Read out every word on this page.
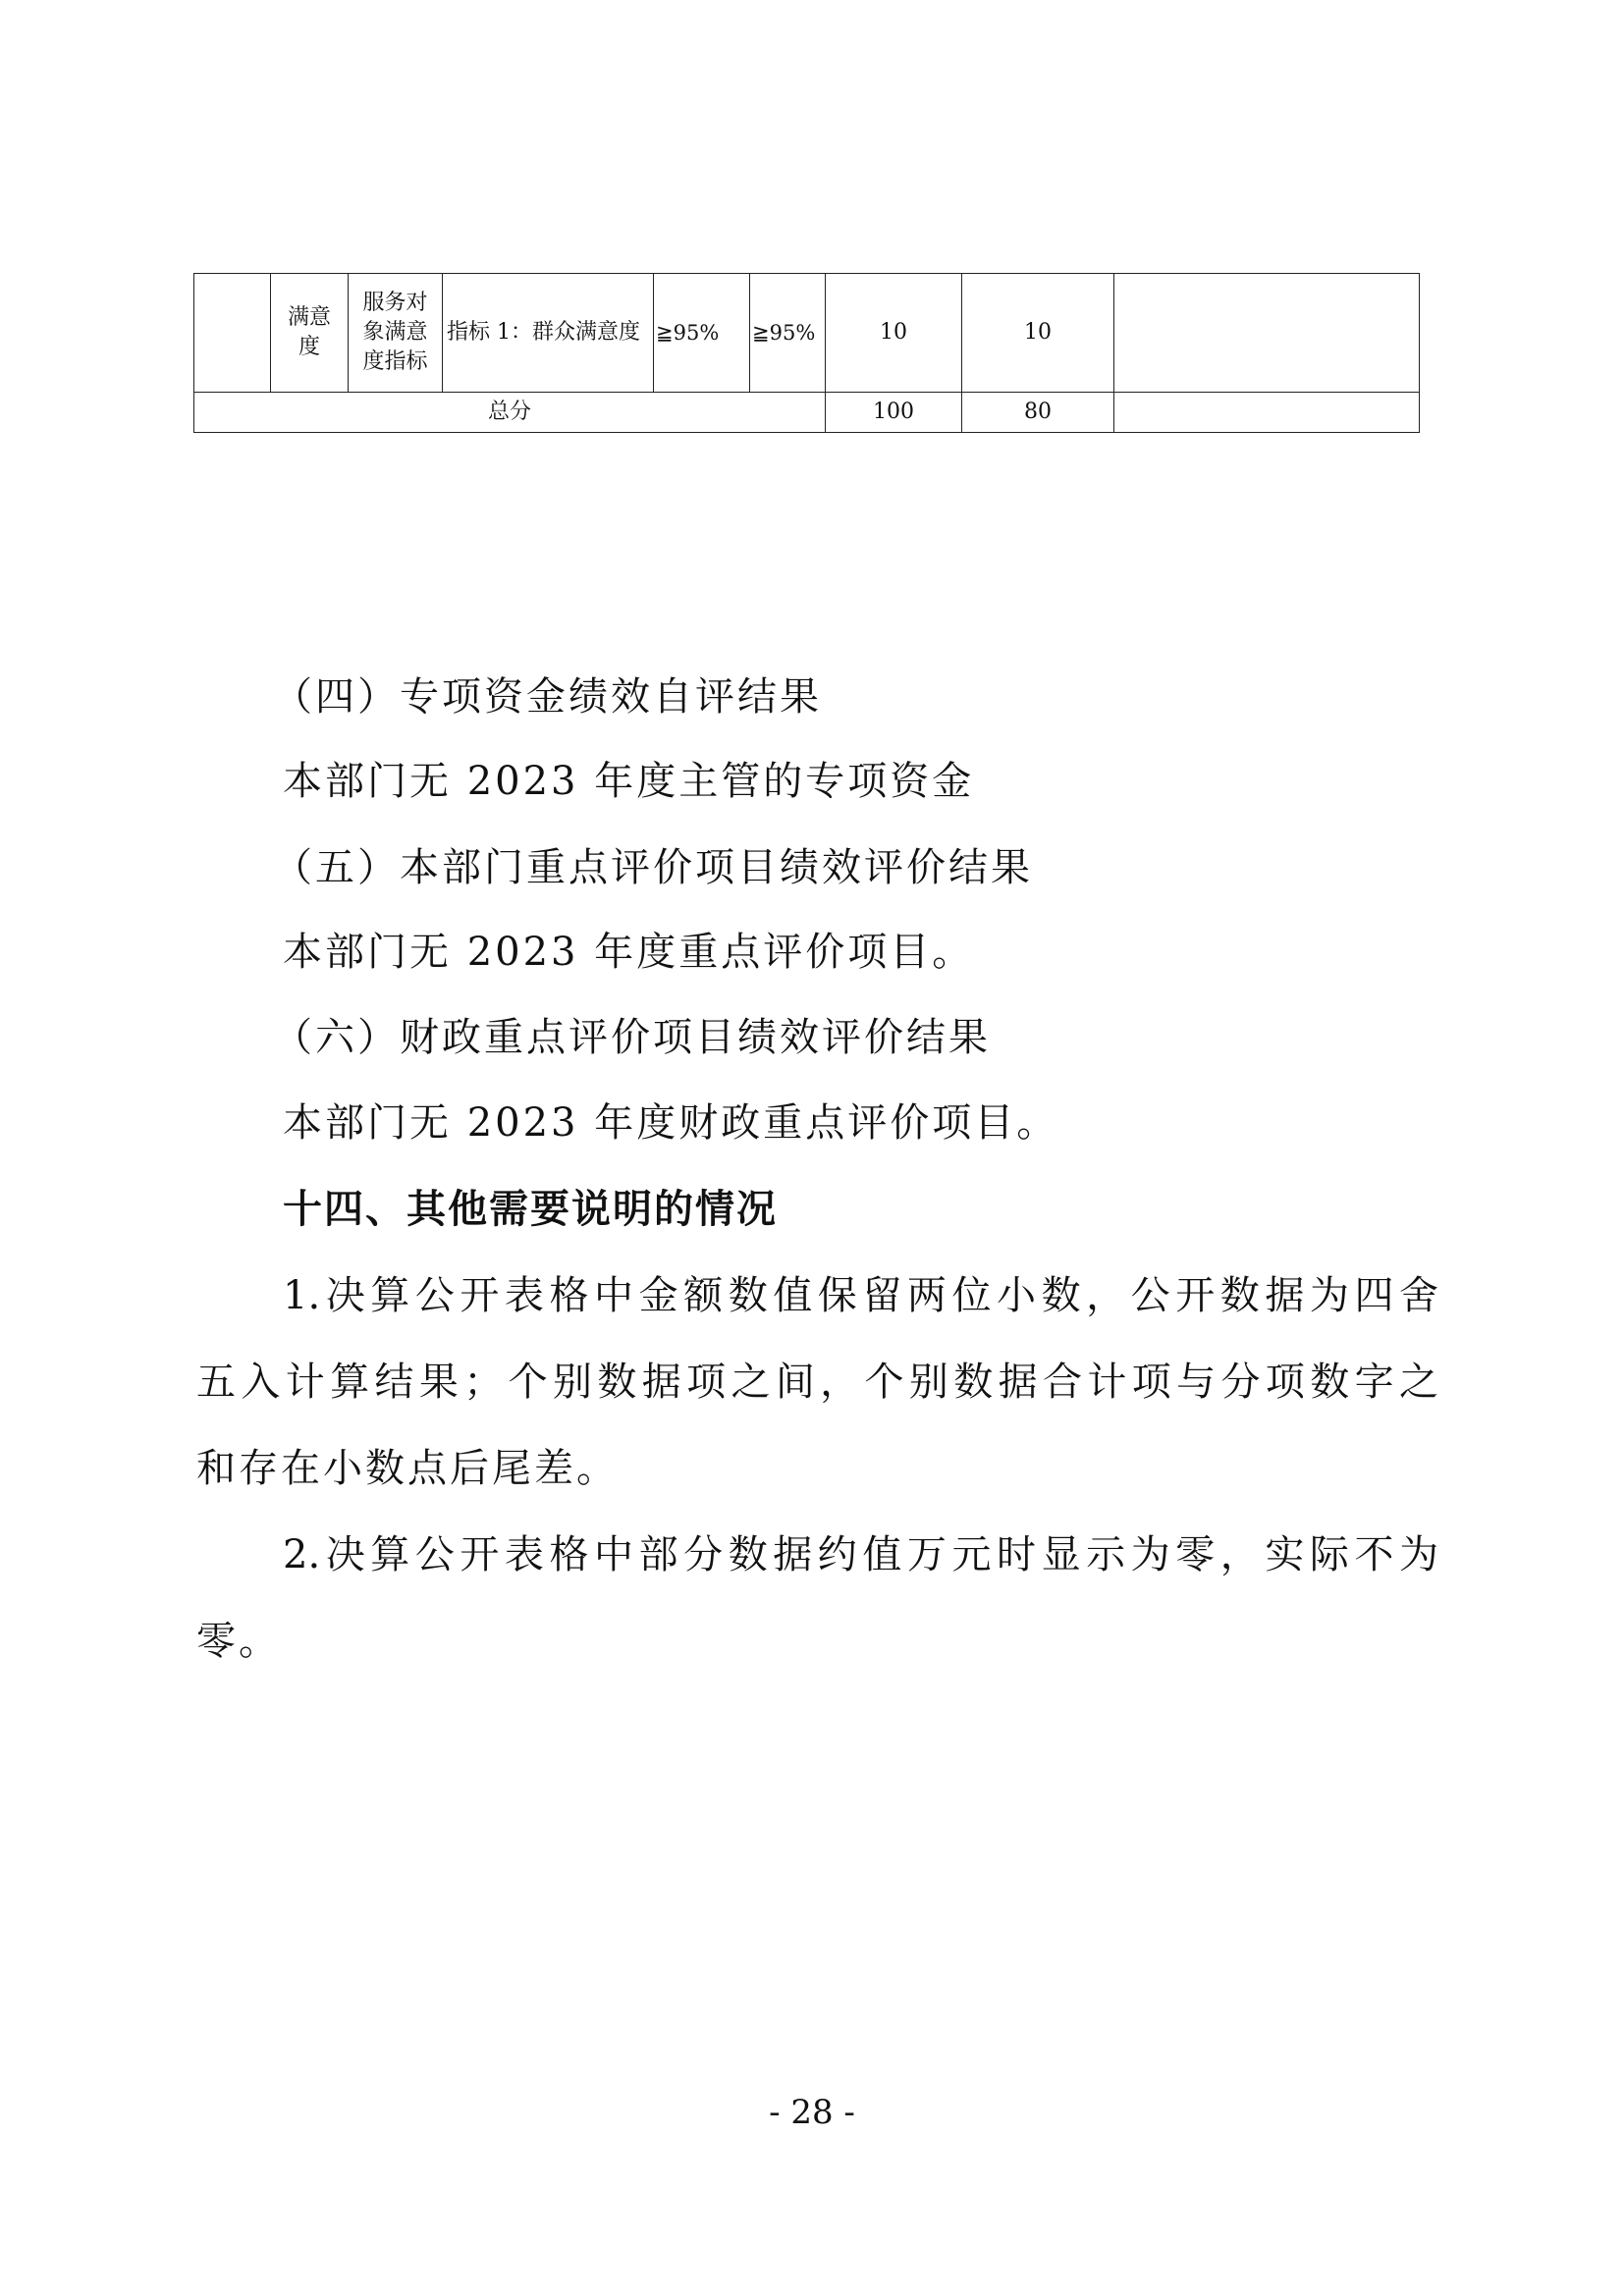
	满意度	服务对象满意度指标	指标 1：群众满意度	≧95%	≧95%	10	10	
总分						100	80	
（四）专项资金绩效自评结果
本部门无 2023 年度主管的专项资金
（五）本部门重点评价项目绩效评价结果
本部门无 2023 年度重点评价项目。
（六）财政重点评价项目绩效评价结果
本部门无 2023 年度财政重点评价项目。
十四、其他需要说明的情况
1.决算公开表格中金额数值保留两位小数，公开数据为四舍
五入计算结果；个别数据项之间，个别数据合计项与分项数字之
和存在小数点后尾差。
2.决算公开表格中部分数据约值万元时显示为零，实际不为
零。
- 28 -
